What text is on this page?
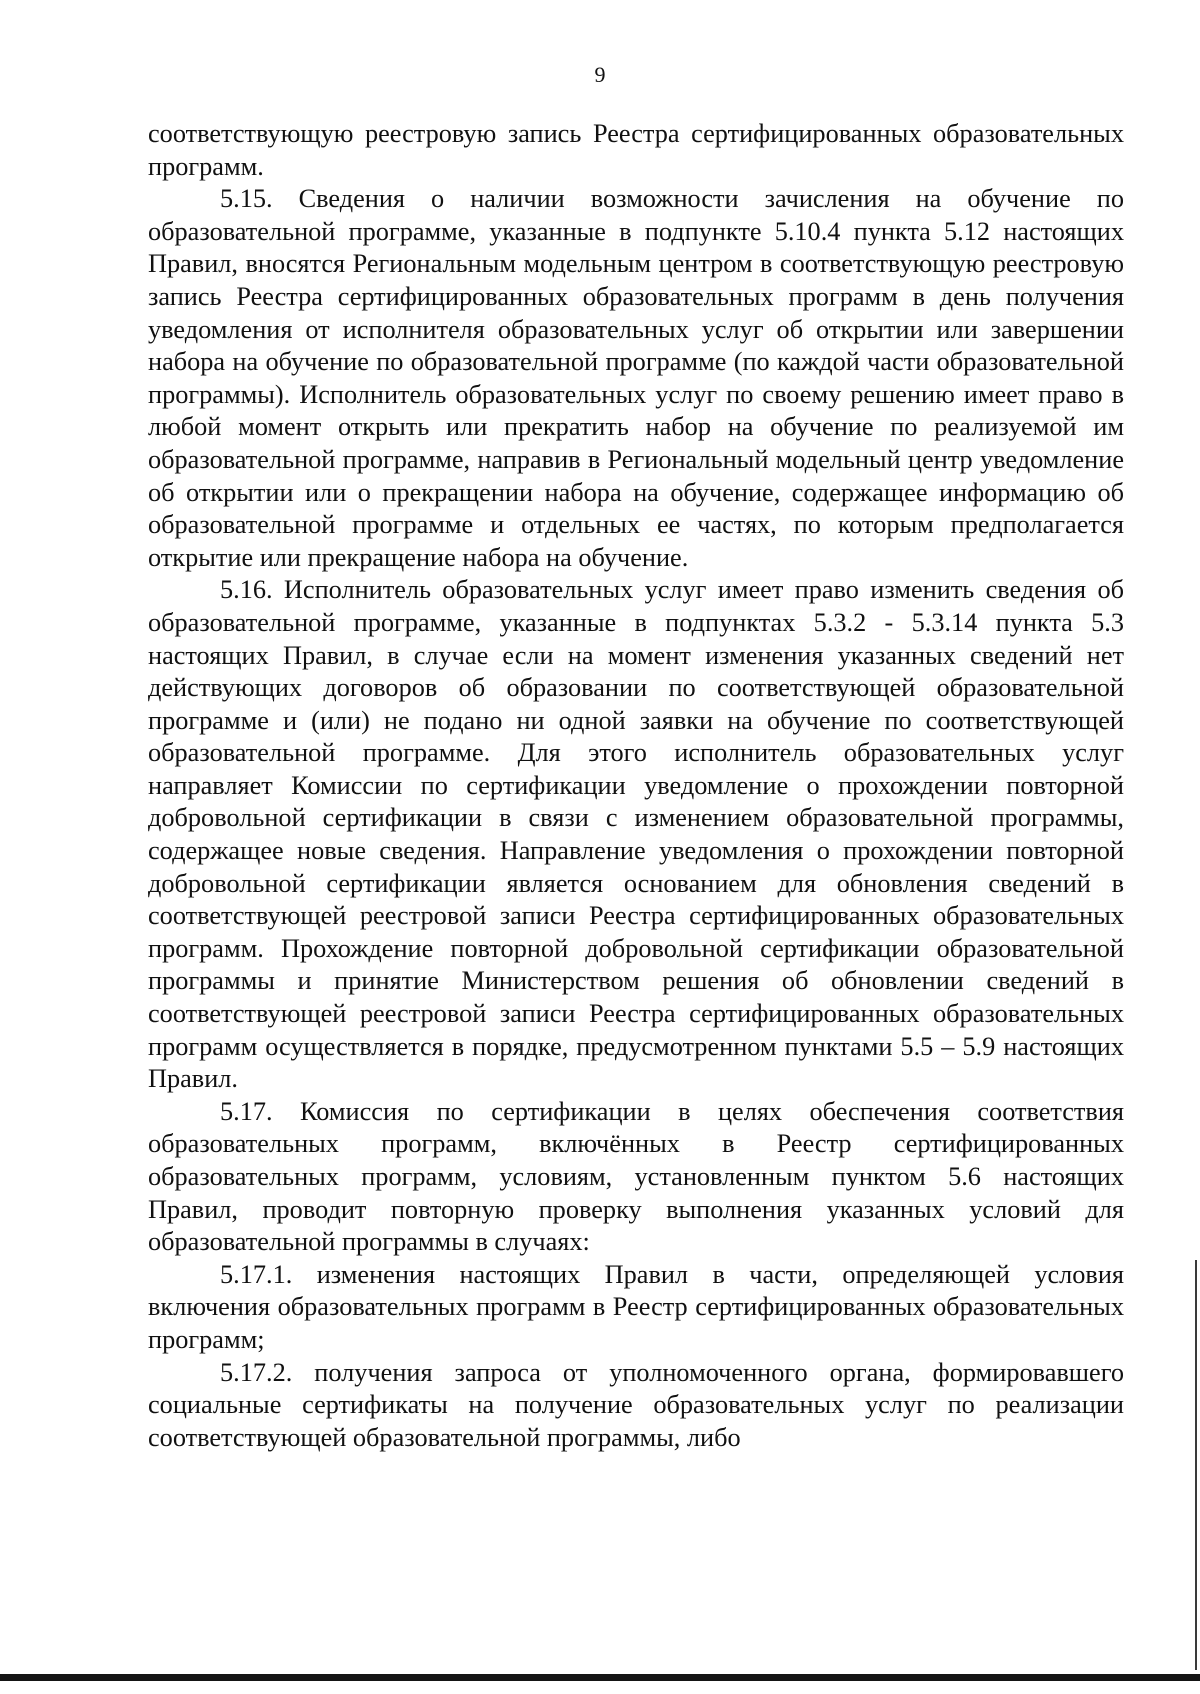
9

соответствующую реестровую запись Реестра сертифицированных образовательных программ.

5.15. Сведения о наличии возможности зачисления на обучение по образовательной программе, указанные в подпункте 5.10.4 пункта 5.12 настоящих Правил, вносятся Региональным модельным центром в соответствующую реестровую запись Реестра сертифицированных образовательных программ в день получения уведомления от исполнителя образовательных услуг об открытии или завершении набора на обучение по образовательной программе (по каждой части образовательной программы). Исполнитель образовательных услуг по своему решению имеет право в любой момент открыть или прекратить набор на обучение по реализуемой им образовательной программе, направив в Региональный модельный центр уведомление об открытии или о прекращении набора на обучение, содержащее информацию об образовательной программе и отдельных ее частях, по которым предполагается открытие или прекращение набора на обучение.

5.16. Исполнитель образовательных услуг имеет право изменить сведения об образовательной программе, указанные в подпунктах 5.3.2 - 5.3.14 пункта 5.3 настоящих Правил, в случае если на момент изменения указанных сведений нет действующих договоров об образовании по соответствующей образовательной программе и (или) не подано ни одной заявки на обучение по соответствующей образовательной программе. Для этого исполнитель образовательных услуг направляет Комиссии по сертификации уведомление о прохождении повторной добровольной сертификации в связи с изменением образовательной программы, содержащее новые сведения. Направление уведомления о прохождении повторной добровольной сертификации является основанием для обновления сведений в соответствующей реестровой записи Реестра сертифицированных образовательных программ. Прохождение повторной добровольной сертификации образовательной программы и принятие Министерством решения об обновлении сведений в соответствующей реестровой записи Реестра сертифицированных образовательных программ осуществляется в порядке, предусмотренном пунктами 5.5 – 5.9 настоящих Правил.

5.17. Комиссия по сертификации в целях обеспечения соответствия образовательных программ, включённых в Реестр сертифицированных образовательных программ, условиям, установленным пунктом 5.6 настоящих Правил, проводит повторную проверку выполнения указанных условий для образовательной программы в случаях:

5.17.1. изменения настоящих Правил в части, определяющей условия включения образовательных программ в Реестр сертифицированных образовательных программ;

5.17.2. получения запроса от уполномоченного органа, формировавшего социальные сертификаты на получение образовательных услуг по реализации соответствующей образовательной программы, либо
